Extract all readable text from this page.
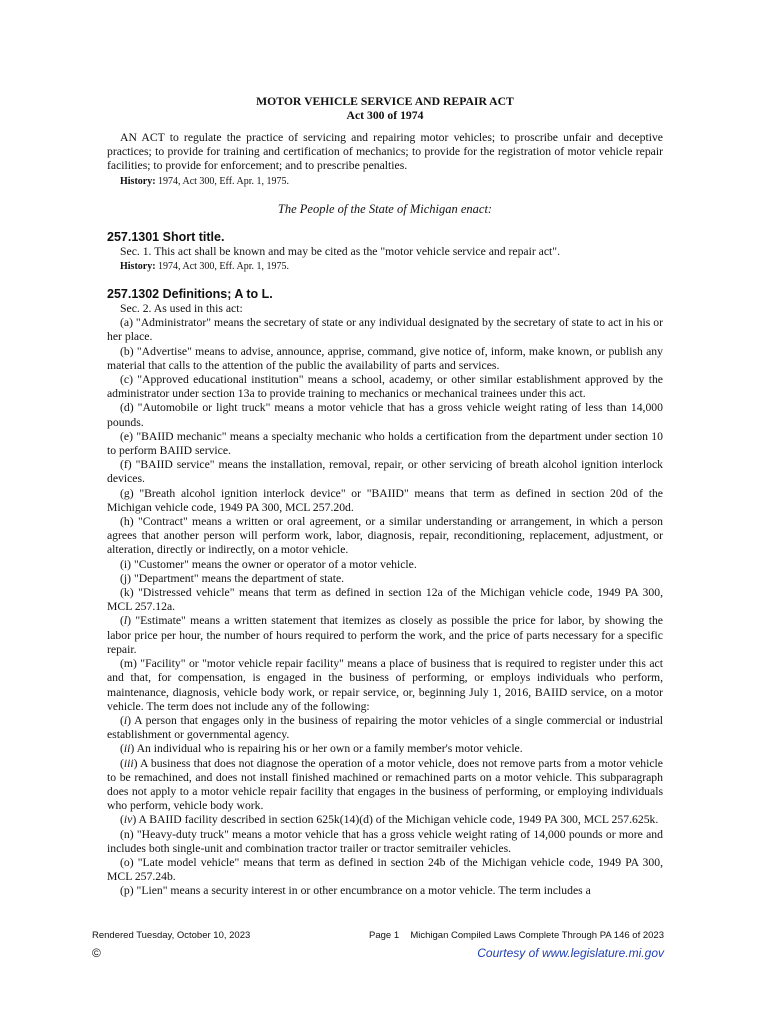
MOTOR VEHICLE SERVICE AND REPAIR ACT
Act 300 of 1974

AN ACT to regulate the practice of servicing and repairing motor vehicles; to proscribe unfair and deceptive practices; to provide for training and certification of mechanics; to provide for the registration of motor vehicle repair facilities; to provide for enforcement; and to prescribe penalties.

History: 1974, Act 300, Eff. Apr. 1, 1975.
The People of the State of Michigan enact:
257.1301 Short title.

Sec. 1. This act shall be known and may be cited as the "motor vehicle service and repair act".

History: 1974, Act 300, Eff. Apr. 1, 1975.
257.1302 Definitions; A to L.

Sec. 2. As used in this act:

(a) "Administrator" means the secretary of state or any individual designated by the secretary of state to act in his or her place.

(b) "Advertise" means to advise, announce, apprise, command, give notice of, inform, make known, or publish any material that calls to the attention of the public the availability of parts and services.

(c) "Approved educational institution" means a school, academy, or other similar establishment approved by the administrator under section 13a to provide training to mechanics or mechanical trainees under this act.

(d) "Automobile or light truck" means a motor vehicle that has a gross vehicle weight rating of less than 14,000 pounds.

(e) "BAIID mechanic" means a specialty mechanic who holds a certification from the department under section 10 to perform BAIID service.

(f) "BAIID service" means the installation, removal, repair, or other servicing of breath alcohol ignition interlock devices.

(g) "Breath alcohol ignition interlock device" or "BAIID" means that term as defined in section 20d of the Michigan vehicle code, 1949 PA 300, MCL 257.20d.

(h) "Contract" means a written or oral agreement, or a similar understanding or arrangement, in which a person agrees that another person will perform work, labor, diagnosis, repair, reconditioning, replacement, adjustment, or alteration, directly or indirectly, on a motor vehicle.

(i) "Customer" means the owner or operator of a motor vehicle.

(j) "Department" means the department of state.

(k) "Distressed vehicle" means that term as defined in section 12a of the Michigan vehicle code, 1949 PA 300, MCL 257.12a.

(l) "Estimate" means a written statement that itemizes as closely as possible the price for labor, by showing the labor price per hour, the number of hours required to perform the work, and the price of parts necessary for a specific repair.

(m) "Facility" or "motor vehicle repair facility" means a place of business that is required to register under this act and that, for compensation, is engaged in the business of performing, or employs individuals who perform, maintenance, diagnosis, vehicle body work, or repair service, or, beginning July 1, 2016, BAIID service, on a motor vehicle. The term does not include any of the following:

(i) A person that engages only in the business of repairing the motor vehicles of a single commercial or industrial establishment or governmental agency.

(ii) An individual who is repairing his or her own or a family member's motor vehicle.

(iii) A business that does not diagnose the operation of a motor vehicle, does not remove parts from a motor vehicle to be remachined, and does not install finished machined or remachined parts on a motor vehicle. This subparagraph does not apply to a motor vehicle repair facility that engages in the business of performing, or employing individuals who perform, vehicle body work.

(iv) A BAIID facility described in section 625k(14)(d) of the Michigan vehicle code, 1949 PA 300, MCL 257.625k.

(n) "Heavy-duty truck" means a motor vehicle that has a gross vehicle weight rating of 14,000 pounds or more and includes both single-unit and combination tractor trailer or tractor semitrailer vehicles.

(o) "Late model vehicle" means that term as defined in section 24b of the Michigan vehicle code, 1949 PA 300, MCL 257.24b.

(p) "Lien" means a security interest in or other encumbrance on a motor vehicle. The term includes a

Rendered Tuesday, October 10, 2023	Page 1 Michigan Compiled Laws Complete Through PA 146 of 2023
©	Courtesy of www.legislature.mi.gov
